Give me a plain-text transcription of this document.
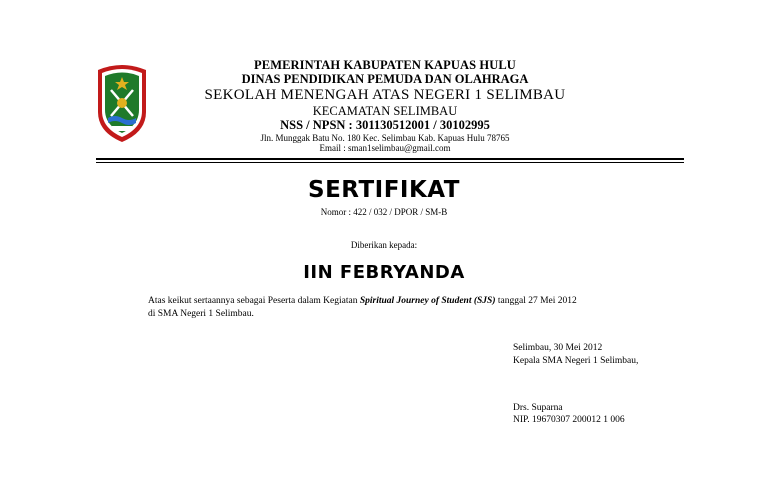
PEMERINTAH KABUPATEN KAPUAS HULU
DINAS PENDIDIKAN PEMUDA DAN OLAHRAGA
SEKOLAH MENENGAH ATAS NEGERI 1 SELIMBAU
KECAMATAN SELIMBAU
NSS / NPSN : 301130512001 / 30102995
Jln. Munggak Batu No. 180 Kec. Selimbau Kab. Kapuas Hulu 78765
Email : sman1selimbau@gmail.com
SERTIFIKAT
Nomor : 422 / 032 / DPOR / SM-B
Diberikan kepada:
IIN FEBRYANDA
Atas keikut sertaannya sebagai Peserta dalam Kegiatan Spiritual Journey of Student (SJS) tanggal 27 Mei 2012
di SMA Negeri 1 Selimbau.
Selimbau, 30 Mei 2012
Kepala SMA Negeri 1 Selimbau,
Drs. Suparna
NIP. 19670307 200012 1 006
